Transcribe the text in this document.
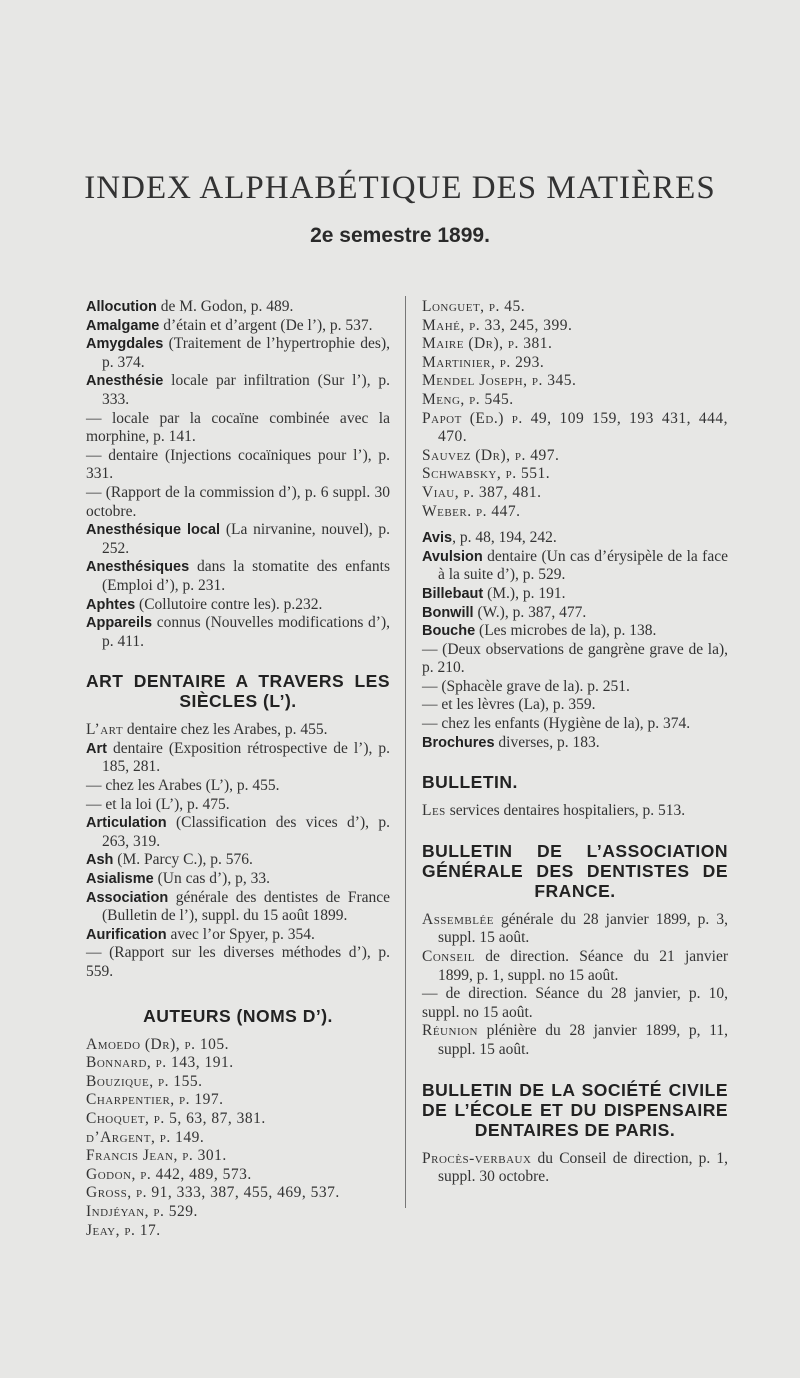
INDEX ALPHABÉTIQUE DES MATIÈRES
2e semestre 1899.
Allocution de M. Godon, p. 489.
Amalgame d’étain et d’argent (De l’), p. 537.
Amygdales (Traitement de l’hypertrophie des), p. 374.
Anesthésie locale par infiltration (Sur l’), p. 333.
— locale par la cocaïne combinée avec la morphine, p. 141.
— dentaire (Injections cocaïniques pour l’), p. 331.
— (Rapport de la commission d’), p. 6 suppl. 30 octobre.
Anesthésique local (La nirvanine, nouvel), p. 252.
Anesthésiques dans la stomatite des enfants (Emploi d’), p. 231.
Aphtes (Collutoire contre les). p.232.
Appareils connus (Nouvelles modifications d’), p. 411.
ART DENTAIRE A TRAVERS LES SIÈCLES (L’).
L’art dentaire chez les Arabes, p. 455.
Art dentaire (Exposition rétrospective de l’), p. 185, 281.
— chez les Arabes (L’), p. 455.
— et la loi (L’), p. 475.
Articulation (Classification des vices d’), p. 263, 319.
Ash (M. Parcy C.), p. 576.
Asialisme (Un cas d’), p, 33.
Association générale des dentistes de France (Bulletin de l’), suppl. du 15 août 1899.
Aurification avec l’or Spyer, p. 354.
— (Rapport sur les diverses méthodes d’), p. 559.
AUTEURS (NOMS D’).
Amoedo (Dr), p. 105.
Bonnard, p. 143, 191.
Bouzique, p. 155.
Charpentier, p. 197.
Choquet, p. 5, 63, 87, 381.
d’Argent, p. 149.
Francis Jean, p. 301.
Godon, p. 442, 489, 573.
Gross, p. 91, 333, 387, 455, 469, 537.
Indjéyan, p. 529.
Jeay, p. 17.
Longuet, p. 45.
Mahé, p. 33, 245, 399.
Maire (Dr), p. 381.
Martinier, p. 293.
Mendel Joseph, p. 345.
Meng, p. 545.
Papot (Ed.) p. 49, 109 159, 193 431, 444, 470.
Sauvez (Dr), p. 497.
Schwabsky, p. 551.
Viau, p. 387, 481.
Weber. p. 447.
Avis, p. 48, 194, 242.
Avulsion dentaire (Un cas d’érysipèle de la face à la suite d’), p. 529.
Billebaut (M.), p. 191.
Bonwill (W.), p. 387, 477.
Bouche (Les microbes de la), p. 138.
— (Deux observations de gangrène grave de la), p. 210.
— (Sphacèle grave de la). p. 251.
— et les lèvres (La), p. 359.
— chez les enfants (Hygiène de la), p. 374.
Brochures diverses, p. 183.
BULLETIN.
Les services dentaires hospitaliers, p. 513.
BULLETIN DE L’ASSOCIATION GÉNÉRALE DES DENTISTES DE FRANCE.
Assemblée générale du 28 janvier 1899, p. 3, suppl. 15 août.
Conseil de direction. Séance du 21 janvier 1899, p. 1, suppl. no 15 août.
— de direction. Séance du 28 janvier, p. 10, suppl. no 15 août.
Réunion plénière du 28 janvier 1899, p, 11, suppl. 15 août.
BULLETIN DE LA SOCIÉTÉ CIVILE DE L’ÉCOLE ET DU DISPENSAIRE DENTAIRES DE PARIS.
Procès-verbaux du Conseil de direction, p. 1, suppl. 30 octobre.
